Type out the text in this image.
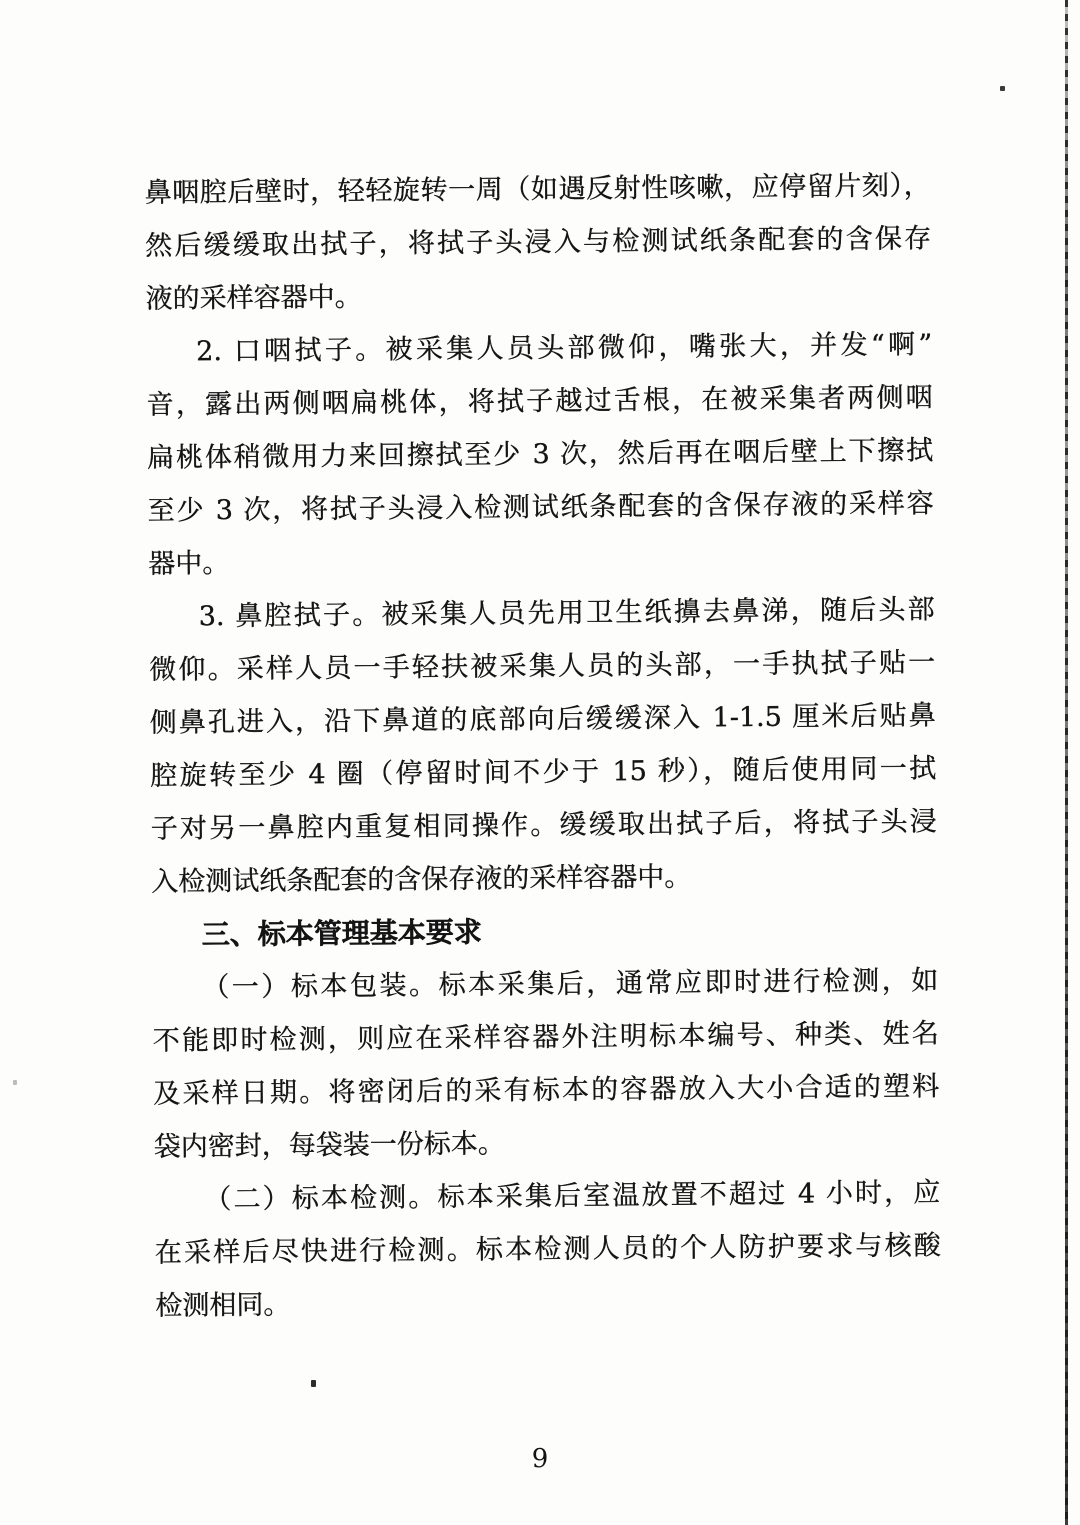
鼻咽腔后壁时，轻轻旋转一周（如遇反射性咳嗽，应停留片刻），
然后缓缓取出拭子，将拭子头浸入与检测试纸条配套的含保存
液的采样容器中。
2. 口咽拭子。被采集人员头部微仰，嘴张大，并发“啊”
音，露出两侧咽扁桃体，将拭子越过舌根，在被采集者两侧咽
扁桃体稍微用力来回擦拭至少 3 次，然后再在咽后壁上下擦拭
至少 3 次，将拭子头浸入检测试纸条配套的含保存液的采样容
器中。
3. 鼻腔拭子。被采集人员先用卫生纸擤去鼻涕，随后头部
微仰。采样人员一手轻扶被采集人员的头部，一手执拭子贴一
侧鼻孔进入，沿下鼻道的底部向后缓缓深入 1-1.5 厘米后贴鼻
腔旋转至少 4 圈（停留时间不少于 15 秒），随后使用同一拭
子对另一鼻腔内重复相同操作。缓缓取出拭子后，将拭子头浸
入检测试纸条配套的含保存液的采样容器中。
三、标本管理基本要求
（一）标本包装。标本采集后，通常应即时进行检测，如
不能即时检测，则应在采样容器外注明标本编号、种类、姓名
及采样日期。将密闭后的采有标本的容器放入大小合适的塑料
袋内密封，每袋装一份标本。
（二）标本检测。标本采集后室温放置不超过 4 小时，应
在采样后尽快进行检测。标本检测人员的个人防护要求与核酸
检测相同。
9
